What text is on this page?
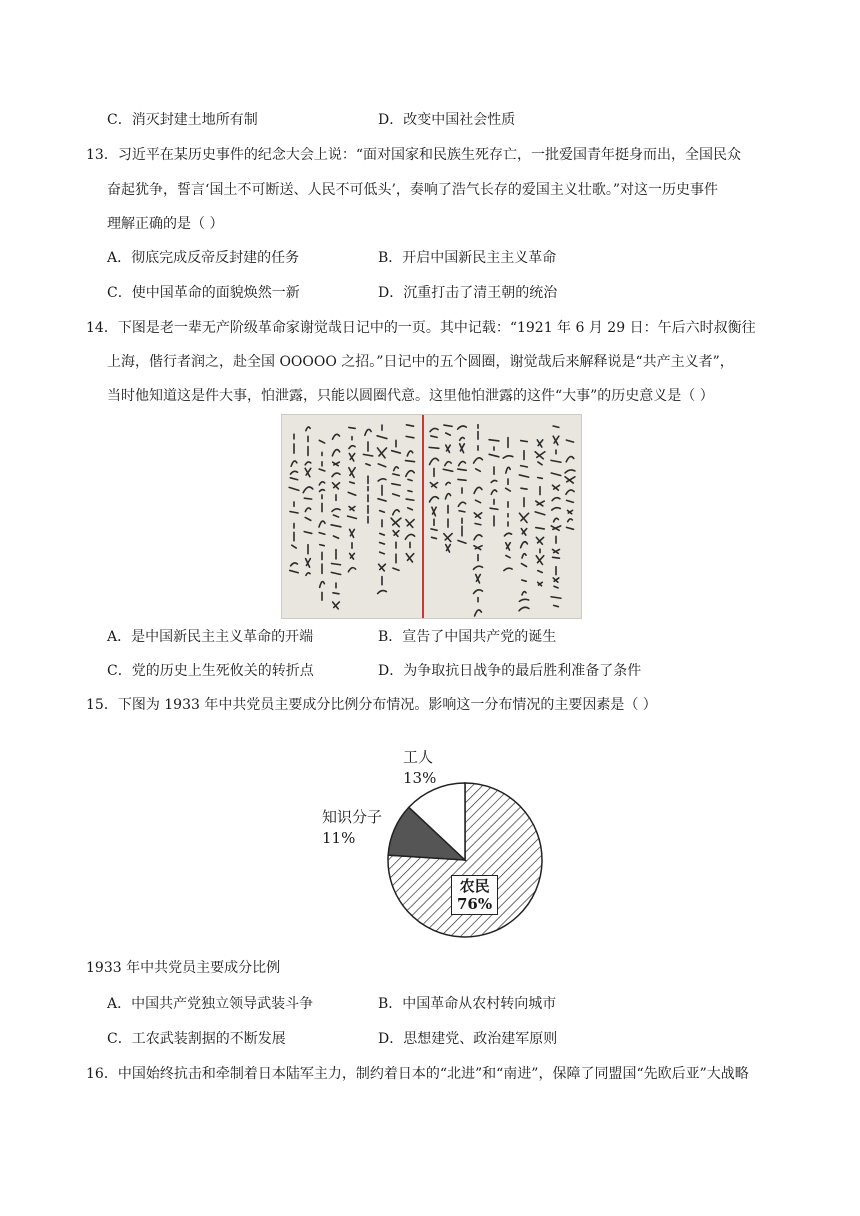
C．消灭封建土地所有制	D．改变中国社会性质
13．习近平在某历史事件的纪念大会上说：“面对国家和民族生死存亡，一批爱国青年挺身而出，全国民众
奋起犹争，誓言‘国土不可断送、人民不可低头’，奏响了浩气长存的爱国主义壮歌。”对这一历史事件
理解正确的是（ ）
A．彻底完成反帝反封建的任务	B．开启中国新民主主义革命
C．使中国革命的面貌焕然一新	D．沉重打击了清王朝的统治
14．下图是老一辈无产阶级革命家谢觉哉日记中的一页。其中记载：“1921 年 6 月 29 日：午后六时叔衡往
上海，偕行者润之，赴全国 OOOOO 之招。”日记中的五个圆圈，谢觉哉后来解释说是“共产主义者”，
当时他知道这是件大事，怕泄露，只能以圆圈代意。这里他怕泄露的这件“大事”的历史意义是（ ）
A．是中国新民主主义革命的开端	B．宣告了中国共产党的诞生
C．党的历史上生死攸关的转折点	D．为争取抗日战争的最后胜利准备了条件
15．下图为 1933 年中共党员主要成分比例分布情况。影响这一分布情况的主要因素是（ ）
工人
13%
知识分子
11%
农民
76%
1933 年中共党员主要成分比例
A．中国共产党独立领导武装斗争	B．中国革命从农村转向城市
C．工农武装割据的不断发展	D．思想建党、政治建军原则
16．中国始终抗击和牵制着日本陆军主力，制约着日本的“北进”和“南进”，保障了同盟国“先欧后亚”大战略
